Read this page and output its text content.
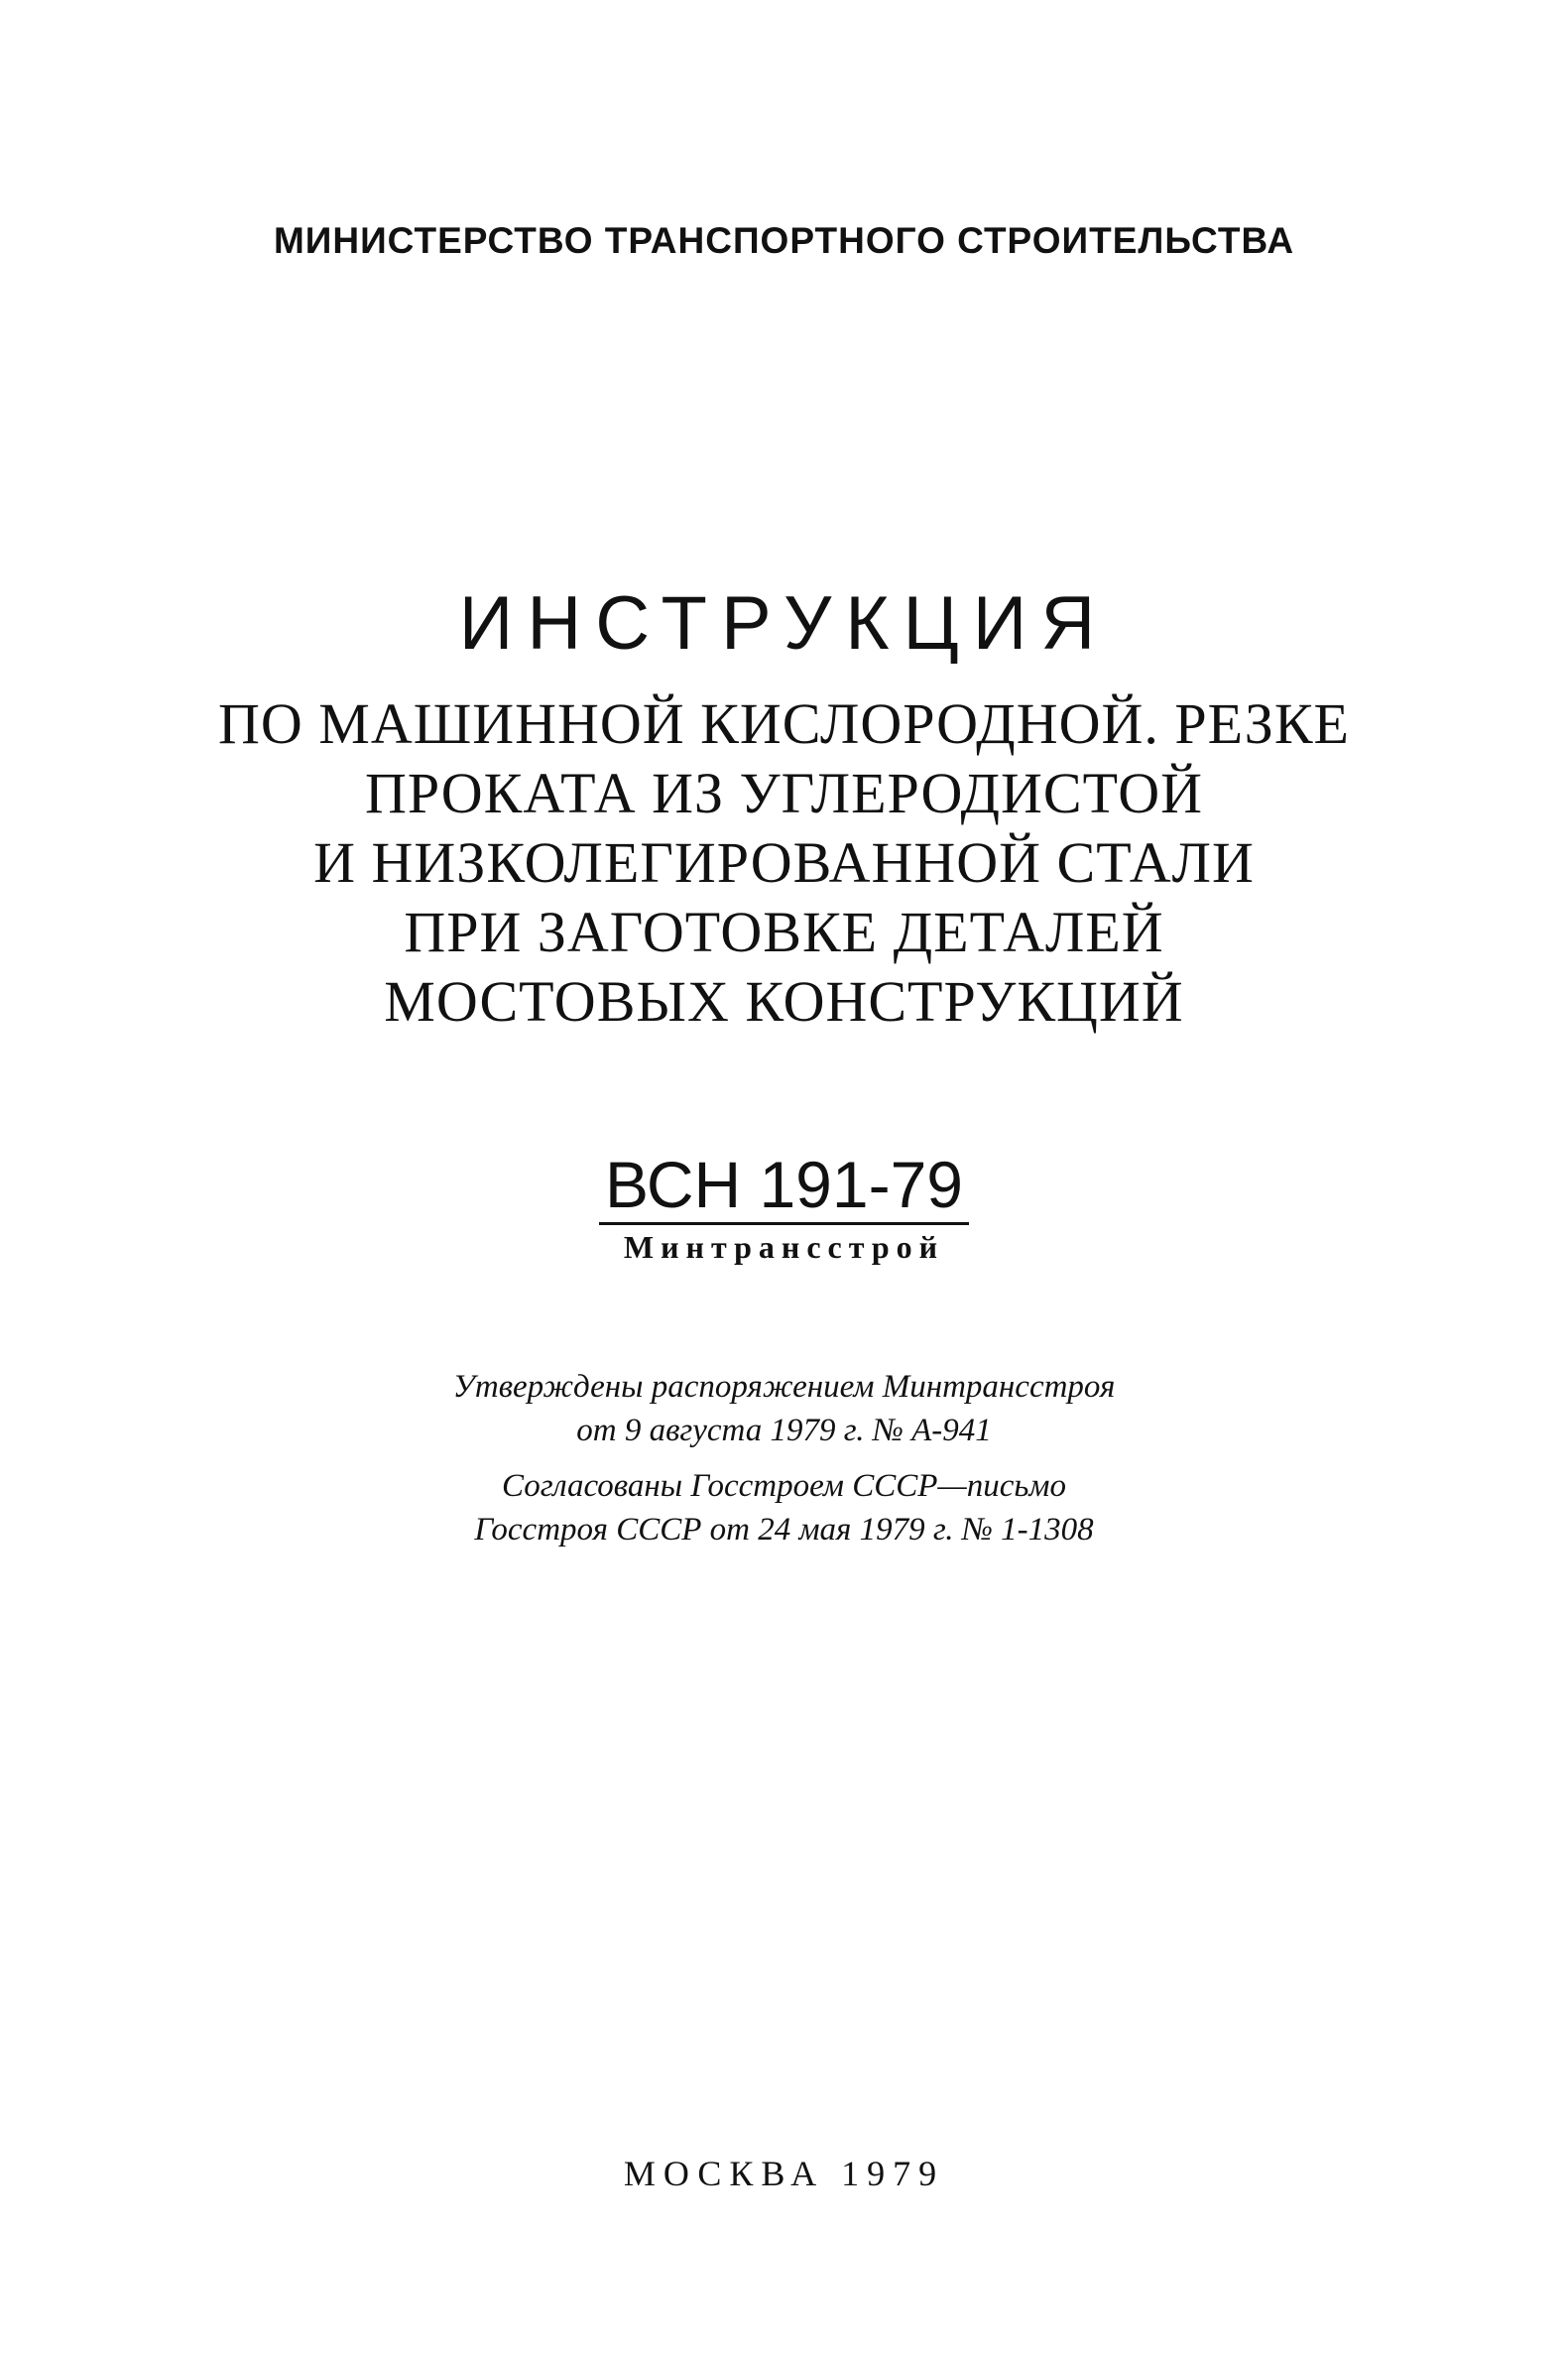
МИНИСТЕРСТВО ТРАНСПОРТНОГО СТРОИТЕЛЬСТВА
ИНСТРУКЦИЯ
ПО МАШИННОЙ КИСЛОРОДНОЙ. РЕЗКЕ
ПРОКАТА ИЗ УГЛЕРОДИСТОЙ
И НИЗКОЛЕГИРОВАННОЙ СТАЛИ
ПРИ ЗАГОТОВКЕ ДЕТАЛЕЙ
МОСТОВЫХ КОНСТРУКЦИЙ
ВСН 191-79
Минтрансстрой
Утверждены распоряжением Минтрансстроя
от 9 августа 1979 г. № А-941
Согласованы Госстроем СССР—письмо
Госстроя СССР от 24 мая 1979 г. № 1-1308
МОСКВА 1979
